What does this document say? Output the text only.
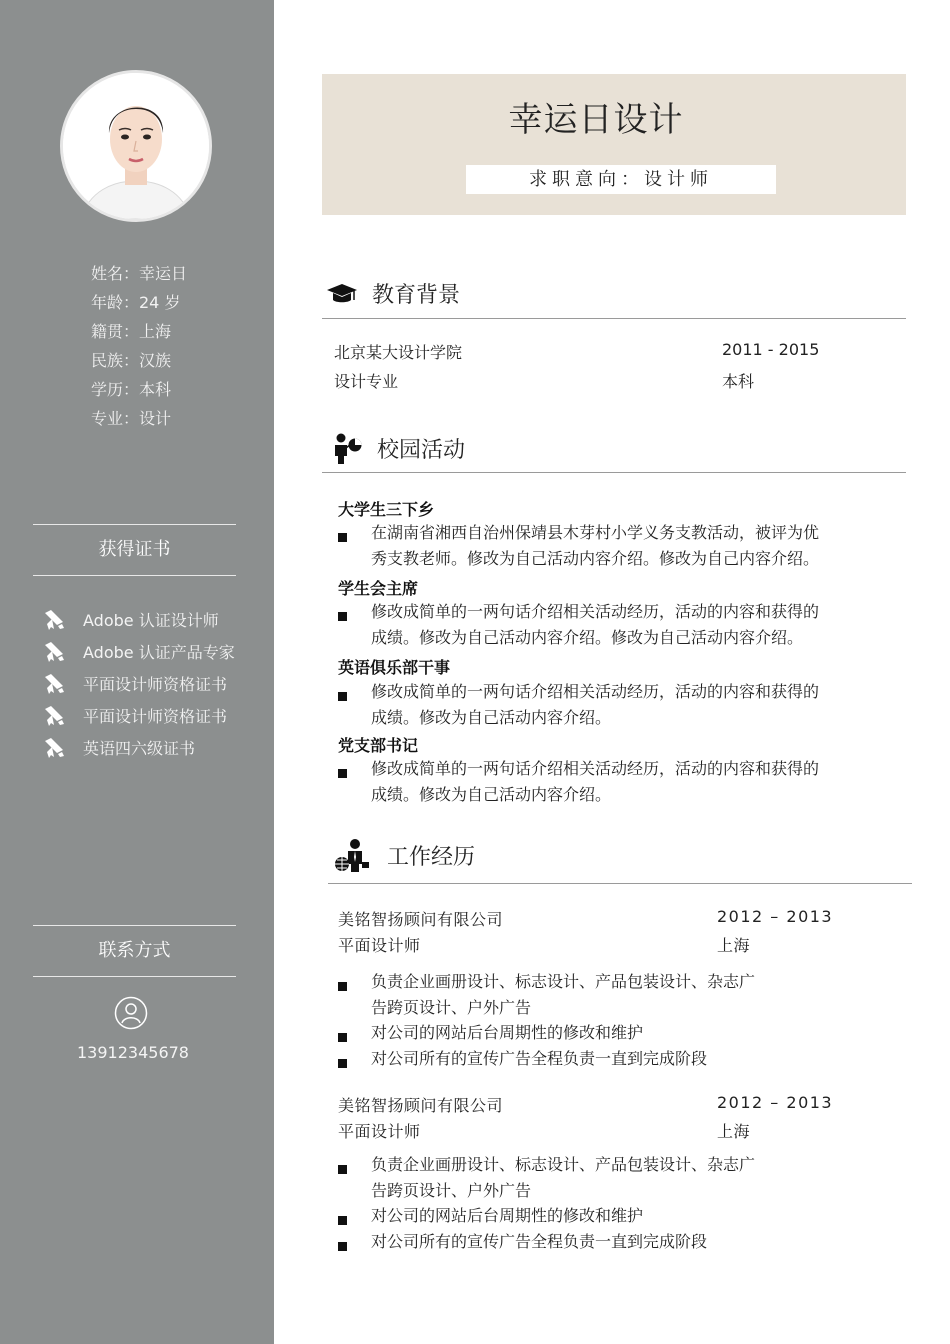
姓名：幸运日
年龄：24 岁
籍贯：上海
民族：汉族
学历：本科
专业：设计
获得证书
Adobe 认证设计师
Adobe 认证产品专家
平面设计师资格证书
平面设计师资格证书
英语四六级证书
联系方式
13912345678
幸运日设计
求职意向：设计师
教育背景
北京某大设计学院	2011 - 2015
设计专业	本科
校园活动
大学生三下乡
在湖南省湘西自治州保靖县木芽村小学义务支教活动，被评为优
秀支教老师。修改为自己活动内容介绍。修改为自己内容介绍。
学生会主席
修改成简单的一两句话介绍相关活动经历，活动的内容和获得的
成绩。修改为自己活动内容介绍。修改为自己活动内容介绍。
英语俱乐部干事
修改成简单的一两句话介绍相关活动经历，活动的内容和获得的
成绩。修改为自己活动内容介绍。
党支部书记
修改成简单的一两句话介绍相关活动经历，活动的内容和获得的
成绩。修改为自己活动内容介绍。
工作经历
美铭智扬顾问有限公司	2012 – 2013
平面设计师	上海
负责企业画册设计、标志设计、产品包装设计、杂志广
告跨页设计、户外广告
对公司的网站后台周期性的修改和维护
对公司所有的宣传广告全程负责一直到完成阶段
美铭智扬顾问有限公司	2012 – 2013
平面设计师	上海
负责企业画册设计、标志设计、产品包装设计、杂志广
告跨页设计、户外广告
对公司的网站后台周期性的修改和维护
对公司所有的宣传广告全程负责一直到完成阶段
